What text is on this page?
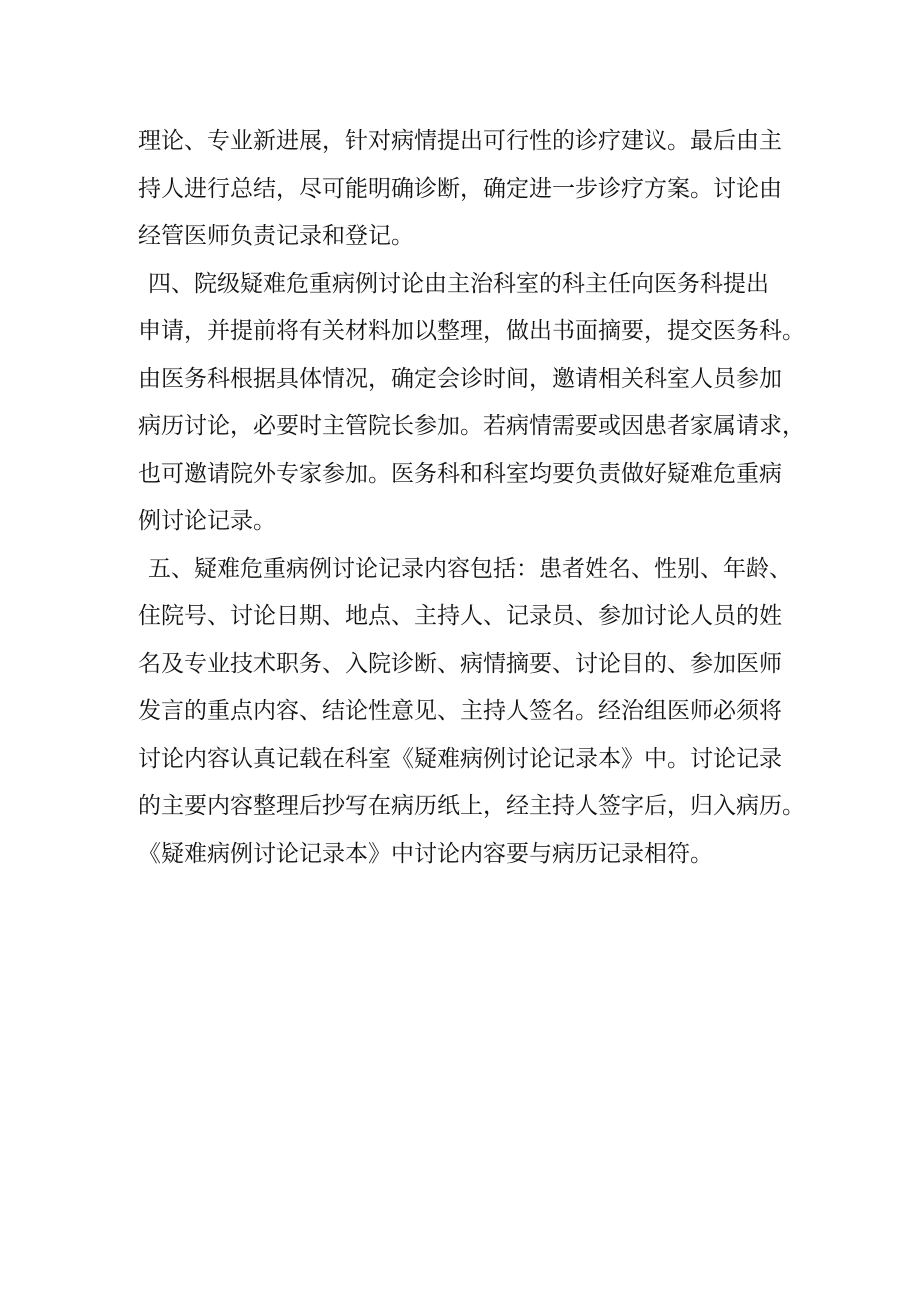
理论、专业新进展，针对病情提出可行性的诊疗建议。最后由主
持人进行总结，尽可能明确诊断，确定进一步诊疗方案。讨论由
经管医师负责记录和登记。
四、院级疑难危重病例讨论由主治科室的科主任向医务科提出
申请，并提前将有关材料加以整理，做出书面摘要，提交医务科。
由医务科根据具体情况，确定会诊时间，邀请相关科室人员参加
病历讨论，必要时主管院长参加。若病情需要或因患者家属请求，
也可邀请院外专家参加。医务科和科室均要负责做好疑难危重病
例讨论记录。
五、疑难危重病例讨论记录内容包括：患者姓名、性别、年龄、
住院号、讨论日期、地点、主持人、记录员、参加讨论人员的姓
名及专业技术职务、入院诊断、病情摘要、讨论目的、参加医师
发言的重点内容、结论性意见、主持人签名。经治组医师必须将
讨论内容认真记载在科室《疑难病例讨论记录本》中。讨论记录
的主要内容整理后抄写在病历纸上，经主持人签字后，归入病历。
《疑难病例讨论记录本》中讨论内容要与病历记录相符。
